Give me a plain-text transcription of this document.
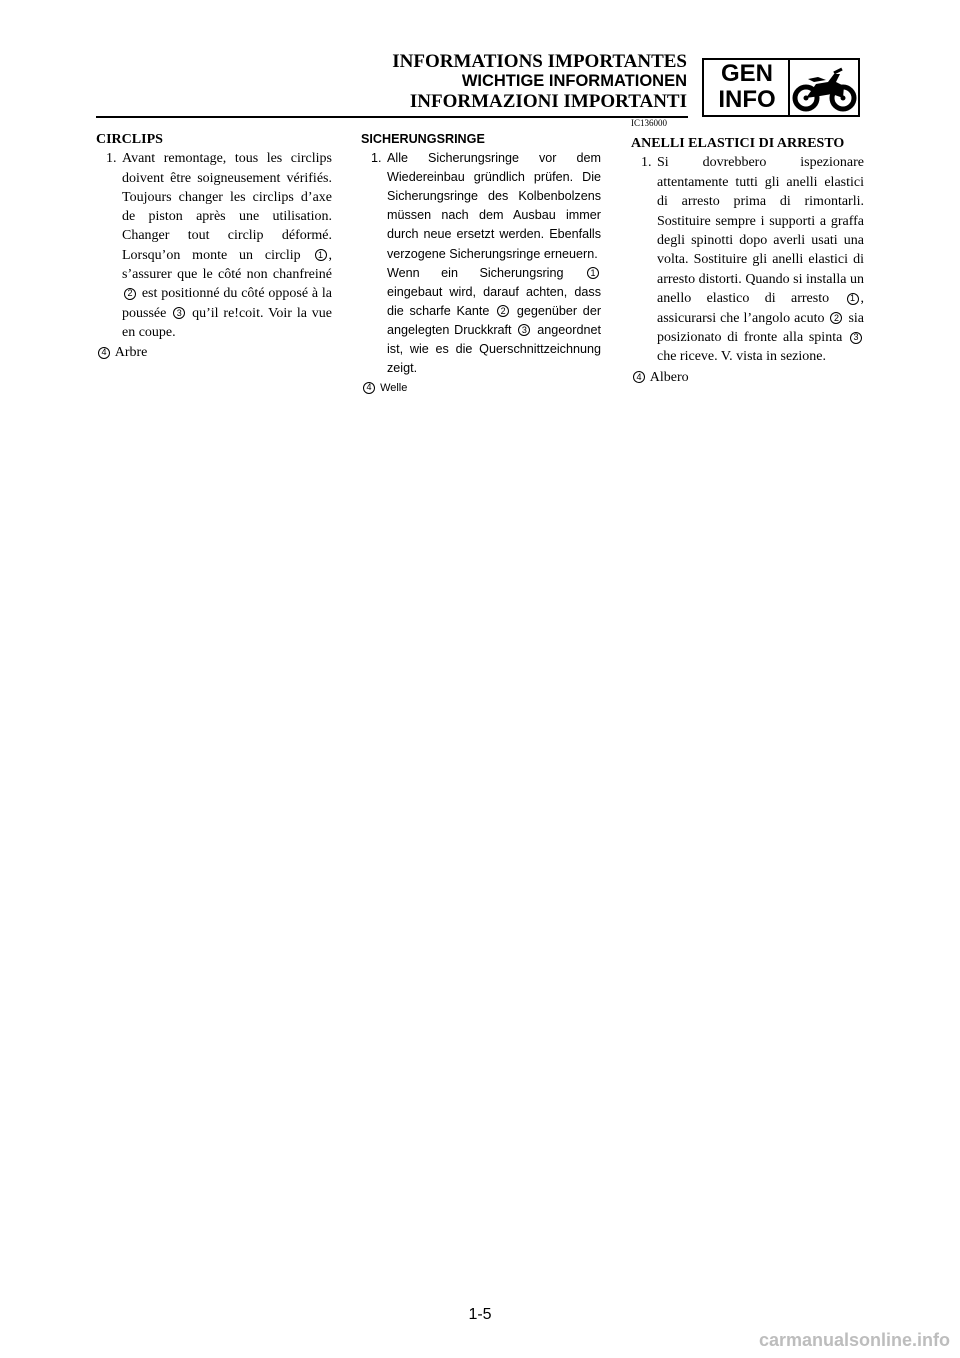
INFORMATIONS IMPORTANTES
WICHTIGE INFORMATIONEN
INFORMAZIONI IMPORTANTI
GEN
INFO
IC136000
CIRCLIPS
1. Avant remontage, tous les circlips doivent être soigneusement vérifiés. Toujours changer les circlips d’axe de piston après une utilisation. Changer tout circlip déformé. Lorsqu’on monte un circlip 1 , s’assurer que le côté non chanfreiné 2 est positionné du côté opposé à la poussée 3 qu’il re!coit. Voir la vue en coupe.
4 Arbre
SICHERUNGSRINGE
1. Alle Sicherungsringe vor dem Wiedereinbau gründlich prüfen. Die Sicherungsringe des Kolbenbolzens müssen nach dem Ausbau immer durch neue ersetzt werden. Ebenfalls verzogene Sicherungsringe erneuern.
Wenn ein Sicherungsring	1 eingebaut wird, darauf achten, dass die scharfe Kante 2 gegenüber der angelegten Druckkraft 3 angeordnet ist, wie es die Querschnittzeichnung zeigt.
4 Welle
ANELLI ELASTICI DI ARRESTO
1. Si dovrebbero ispezionare attentamente tutti gli anelli elastici di arresto prima di rimontarli. Sostituire sempre i supporti a graffa degli spinotti dopo averli usati una volta. Sostituire gli anelli elastici di arresto distorti. Quando si installa un anello elastico di arresto 1 , assicurarsi che l’angolo acuto 2 sia posizionato di fronte alla spinta 3 che riceve. V. vista in sezione.
4 Albero
1-5
carmanualsonline.info
